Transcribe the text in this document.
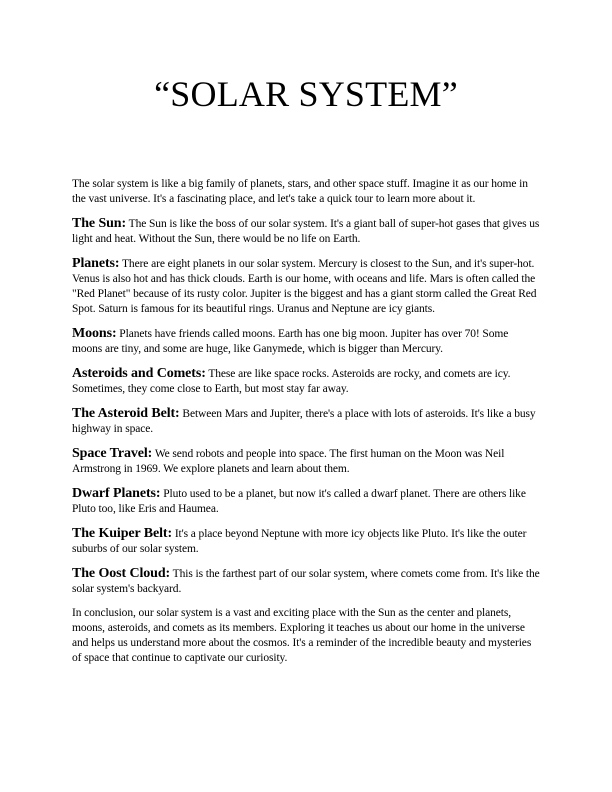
“SOLAR SYSTEM”

The solar system is like a big family of planets, stars, and other space stuff. Imagine it as our home in the vast universe. It's a fascinating place, and let's take a quick tour to learn more about it.

The Sun: The Sun is like the boss of our solar system. It's a giant ball of super-hot gases that gives us light and heat. Without the Sun, there would be no life on Earth.

Planets: There are eight planets in our solar system. Mercury is closest to the Sun, and it's super-hot. Venus is also hot and has thick clouds. Earth is our home, with oceans and life. Mars is often called the "Red Planet" because of its rusty color. Jupiter is the biggest and has a giant storm called the Great Red Spot. Saturn is famous for its beautiful rings. Uranus and Neptune are icy giants.

Moons: Planets have friends called moons. Earth has one big moon. Jupiter has over 70! Some moons are tiny, and some are huge, like Ganymede, which is bigger than Mercury.

Asteroids and Comets: These are like space rocks. Asteroids are rocky, and comets are icy. Sometimes, they come close to Earth, but most stay far away.

The Asteroid Belt: Between Mars and Jupiter, there's a place with lots of asteroids. It's like a busy highway in space.

Space Travel: We send robots and people into space. The first human on the Moon was Neil Armstrong in 1969. We explore planets and learn about them.

Dwarf Planets: Pluto used to be a planet, but now it's called a dwarf planet. There are others like Pluto too, like Eris and Haumea.

The Kuiper Belt: It's a place beyond Neptune with more icy objects like Pluto. It's like the outer suburbs of our solar system.

The Oost Cloud: This is the farthest part of our solar system, where comets come from. It's like the solar system's backyard.

In conclusion, our solar system is a vast and exciting place with the Sun as the center and planets, moons, asteroids, and comets as its members. Exploring it teaches us about our home in the universe and helps us understand more about the cosmos. It's a reminder of the incredible beauty and mysteries of space that continue to captivate our curiosity.
